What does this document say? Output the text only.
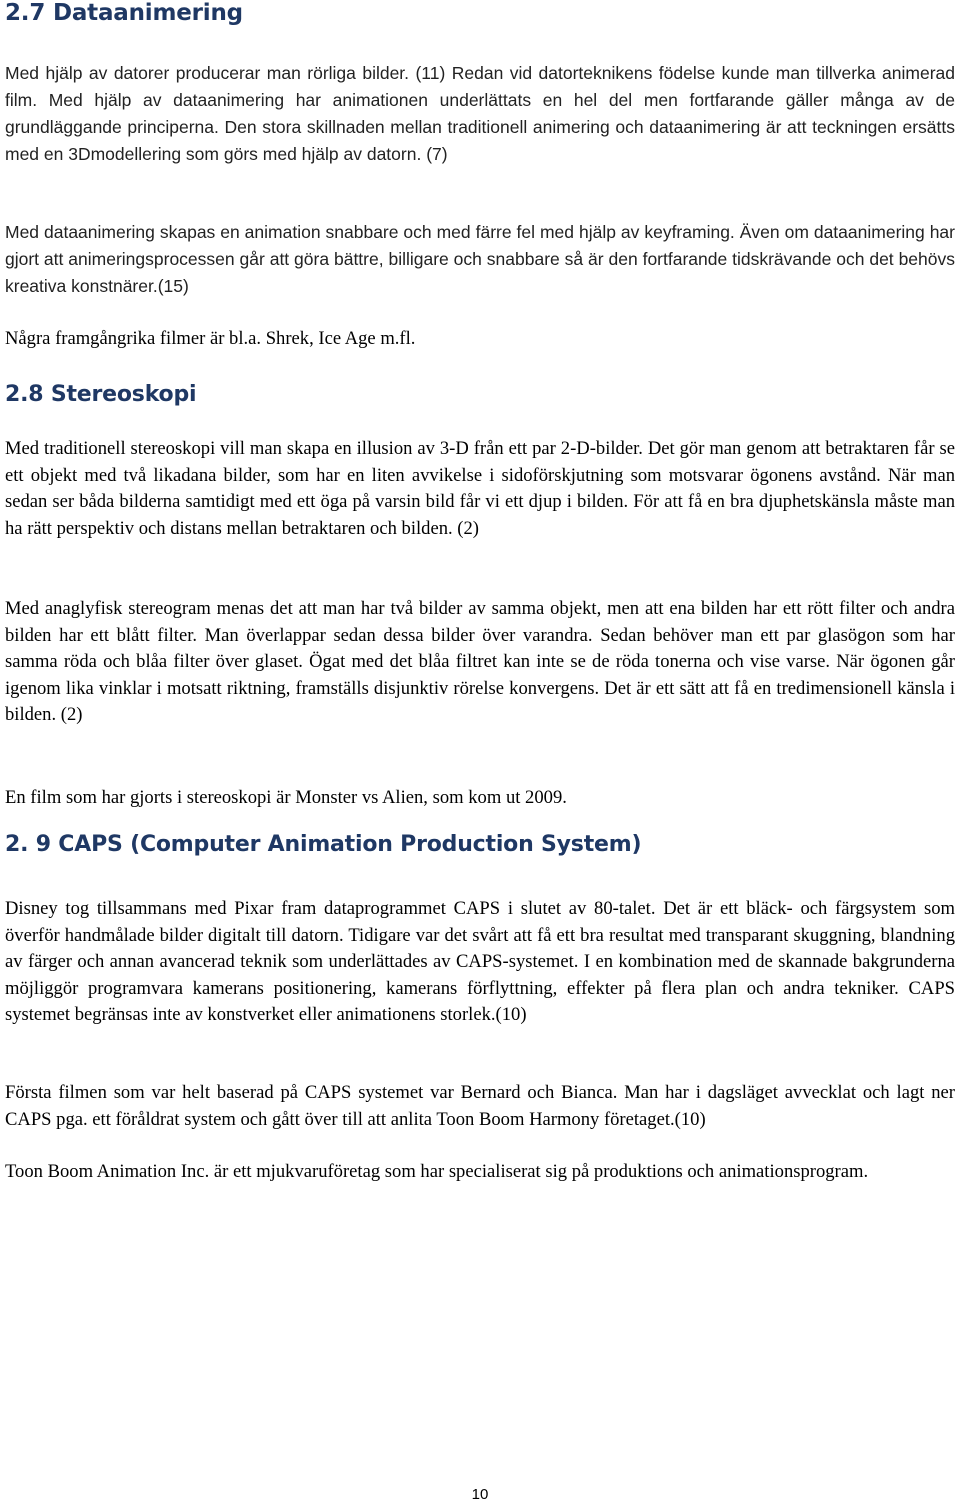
2.7 Dataanimering

Med hjälp av datorer producerar man rörliga bilder. (11) Redan vid datorteknikens födelse kunde man tillverka animerad film. Med hjälp av dataanimering har animationen underlättats en hel del men fortfarande gäller många av de grundläggande principerna. Den stora skillnaden mellan traditionell animering och dataanimering är att teckningen ersätts med en 3Dmodellering som görs med hjälp av datorn. (7)

Med dataanimering skapas en animation snabbare och med färre fel med hjälp av keyframing. Även om dataanimering har gjort att animeringsprocessen går att göra bättre, billigare och snabbare så är den fortfarande tidskrävande och det behövs kreativa konstnärer.(15)

Några framgångrika filmer är bl.a. Shrek, Ice Age m.fl.

2.8 Stereoskopi

Med traditionell stereoskopi vill man skapa en illusion av 3-D från ett par 2-D-bilder. Det gör man genom att betraktaren får se ett objekt med två likadana bilder, som har en liten avvikelse i sidoförskjutning som motsvarar ögonens avstånd. När man sedan ser båda bilderna samtidigt med ett öga på varsin bild får vi ett djup i bilden. För att få en bra djuphetskänsla måste man ha rätt perspektiv och distans mellan betraktaren och bilden. (2)

Med anaglyfisk stereogram menas det att man har två bilder av samma objekt, men att ena bilden har ett rött filter och andra bilden har ett blått filter. Man överlappar sedan dessa bilder över varandra. Sedan behöver man ett par glasögon som har samma röda och blåa filter över glaset. Ögat med det blåa filtret kan inte se de röda tonerna och vise varse. När ögonen går igenom lika vinklar i motsatt riktning, framställs disjunktiv rörelse konvergens. Det är ett sätt att få en tredimensionell känsla i bilden. (2)

En film som har gjorts i stereoskopi är Monster vs Alien, som kom ut 2009.

2. 9 CAPS (Computer Animation Production System)

Disney tog tillsammans med Pixar fram dataprogrammet CAPS i slutet av 80-talet. Det är ett bläck- och färgsystem som överför handmålade bilder digitalt till datorn. Tidigare var det svårt att få ett bra resultat med transparant skuggning, blandning av färger och annan avancerad teknik som underlättades av CAPS-systemet. I en kombination med de skannade bakgrunderna möjliggör programvara kamerans positionering, kamerans förflyttning, effekter på flera plan och andra tekniker. CAPS systemet begränsas inte av konstverket eller animationens storlek.(10)

Första filmen som var helt baserad på CAPS systemet var Bernard och Bianca. Man har i dagsläget avvecklat och lagt ner CAPS pga. ett föråldrat system och gått över till att anlita Toon Boom Harmony företaget.(10)

Toon Boom Animation Inc. är ett mjukvaruföretag som har specialiserat sig på produktions och animationsprogram.

10
